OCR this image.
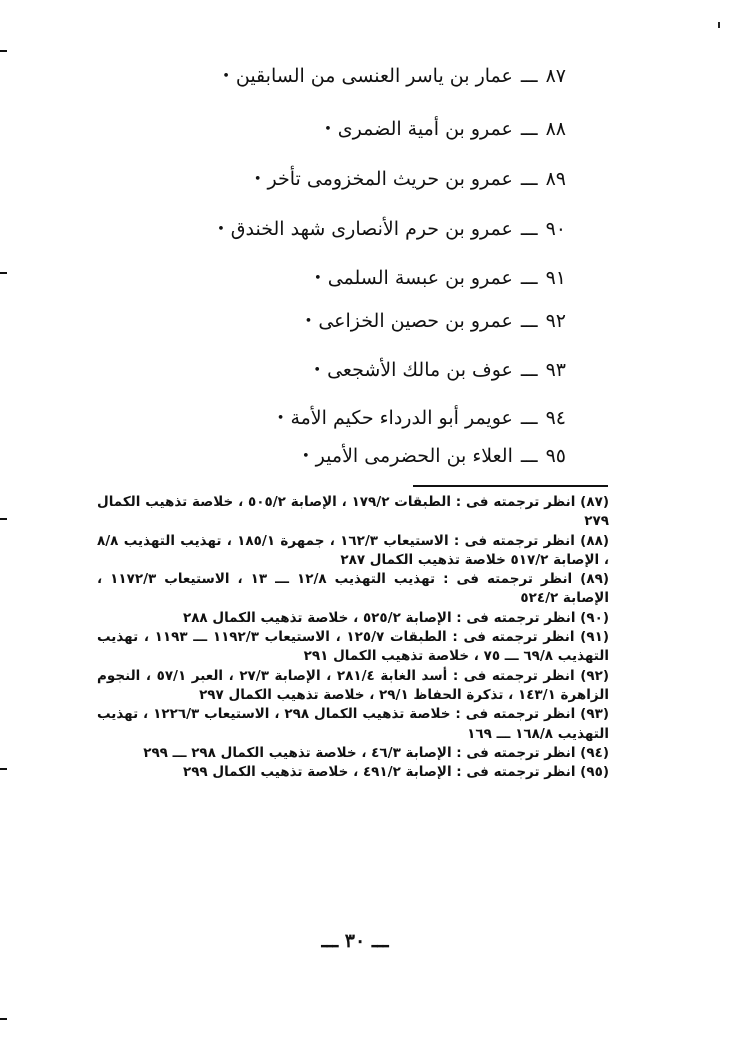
٨٧ـــعمار بن ياسر العنسى من السابقين•
٨٨ـــعمرو بن أمية الضمرى•
٨٩ـــعمرو بن حريث المخزومى تأخر•
٩٠ـــعمرو بن حرم الأنصارى شهد الخندق•
٩١ـــعمرو بن عبسة السلمى•
٩٢ـــعمرو بن حصين الخزاعى•
٩٣ـــعوف بن مالك الأشجعى•
٩٤ـــعويمر أبو الدرداء حكيم الأمة•
٩٥ـــالعلاء بن الحضرمى الأمير•

(٨٧) انظر ترجمته فى : الطبقات ١٧٩/٢ ، الإصابة ٥٠٥/٢ ، خلاصة تذهيب الكمال ٢٧٩

(٨٨) انظر ترجمته فى : الاستيعاب ١٦٢/٣ ، جمهرة ١٨٥/١ ، تهذيب التهذيب ٨/٨ ، الإصابة ٥١٧/٢ خلاصة تذهيب الكمال ٢٨٧

(٨٩) انظر ترجمته فى : تهذيب التهذيب ١٢/٨ ـــ ١٣ ، الاستيعاب ١١٧٢/٣ ، الإصابة ٥٢٤/٢

(٩٠) انظر ترجمته فى : الإصابة ٥٢٥/٢ ، خلاصة تذهيب الكمال ٢٨٨

(٩١) انظر ترجمته فى : الطبقات ١٢٥/٧ ، الاستيعاب ١١٩٢/٣ ـــ ١١٩٣ ، تهذيب التهذيب ٦٩/٨ ـــ ٧٥ ، خلاصة تذهيب الكمال ٢٩١

(٩٢) انظر ترجمته فى : أسد الغابة ٢٨١/٤ ، الإصابة ٢٧/٣ ، العبر ٥٧/١ ، النجوم الزاهرة ١٤٣/١ ، تذكرة الحفاظ ٢٩/١ ، خلاصة تذهيب الكمال ٢٩٧

(٩٣) انظر ترجمته فى : خلاصة تذهيب الكمال ٢٩٨ ، الاستيعاب ١٢٢٦/٣ ، تهذيب التهذيب ١٦٨/٨ ـــ ١٦٩

(٩٤) انظر ترجمته فى : الإصابة ٤٦/٣ ، خلاصة تذهيب الكمال ٢٩٨ ـــ ٢٩٩

(٩٥) انظر ترجمته فى : الإصابة ٤٩١/٢ ، خلاصة تذهيب الكمال ٢٩٩

ـــ ٣٠ ـــ
